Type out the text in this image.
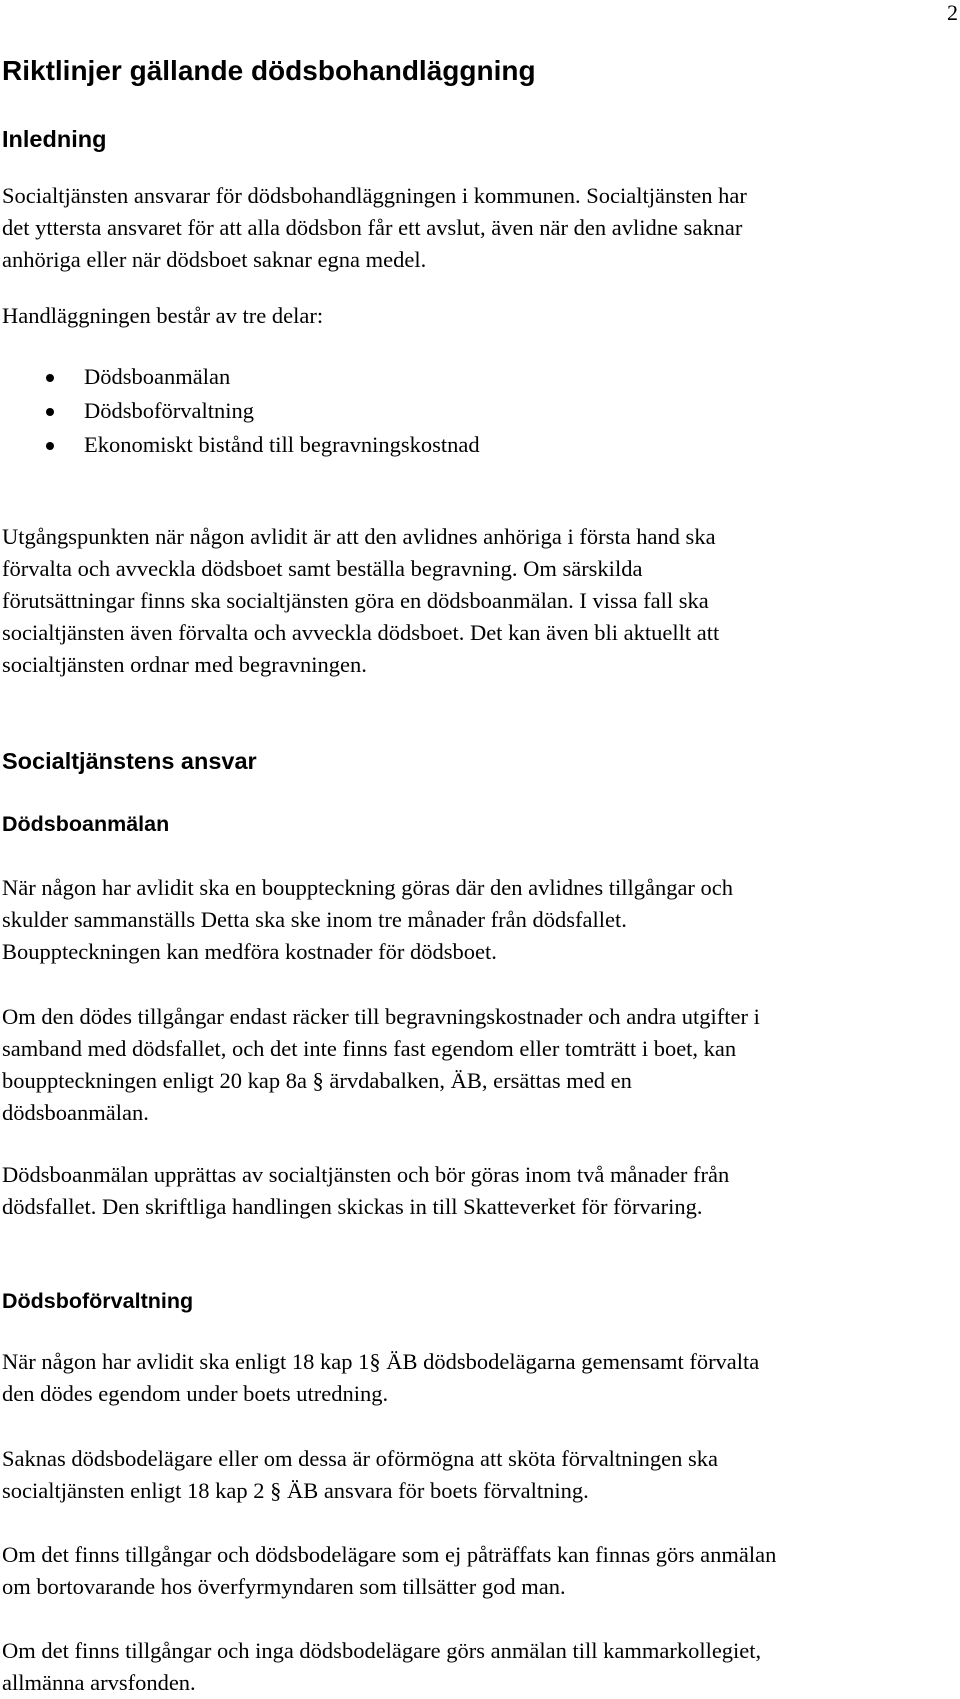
2
Riktlinjer gällande dödsbohandläggning
Inledning
Socialtjänsten ansvarar för dödsbohandläggningen i kommunen. Socialtjänsten har
det yttersta ansvaret för att alla dödsbon får ett avslut, även när den avlidne saknar
anhöriga eller när dödsboet saknar egna medel.
Handläggningen består av tre delar:
Dödsboanmälan
Dödsboförvaltning
Ekonomiskt bistånd till begravningskostnad
Utgångspunkten när någon avlidit är att den avlidnes anhöriga i första hand ska
förvalta och avveckla dödsboet samt beställa begravning. Om särskilda
förutsättningar finns ska socialtjänsten göra en dödsboanmälan. I vissa fall ska
socialtjänsten även förvalta och avveckla dödsboet. Det kan även bli aktuellt att
socialtjänsten ordnar med begravningen.
Socialtjänstens ansvar
Dödsboanmälan
När någon har avlidit ska en bouppteckning göras där den avlidnes tillgångar och
skulder sammanställs Detta ska ske inom tre månader från dödsfallet.
Bouppteckningen kan medföra kostnader för dödsboet.
Om den dödes tillgångar endast räcker till begravningskostnader och andra utgifter i
samband med dödsfallet, och det inte finns fast egendom eller tomträtt i boet, kan
bouppteckningen enligt 20 kap 8a § ärvdabalken, ÄB, ersättas med en
dödsboanmälan.
Dödsboanmälan upprättas av socialtjänsten och bör göras inom två månader från
dödsfallet. Den skriftliga handlingen skickas in till Skatteverket för förvaring.
Dödsboförvaltning
När någon har avlidit ska enligt 18 kap 1§ ÄB dödsbodelägarna gemensamt förvalta
den dödes egendom under boets utredning.
Saknas dödsbodelägare eller om dessa är oförmögna att sköta förvaltningen ska
socialtjänsten enligt 18 kap 2 § ÄB ansvara för boets förvaltning.
Om det finns tillgångar och dödsbodelägare som ej påträffats kan finnas görs anmälan
om bortovarande hos överfyrmyndaren som tillsätter god man.
Om det finns tillgångar och inga dödsbodelägare görs anmälan till kammarkollegiet,
allmänna arvsfonden.
